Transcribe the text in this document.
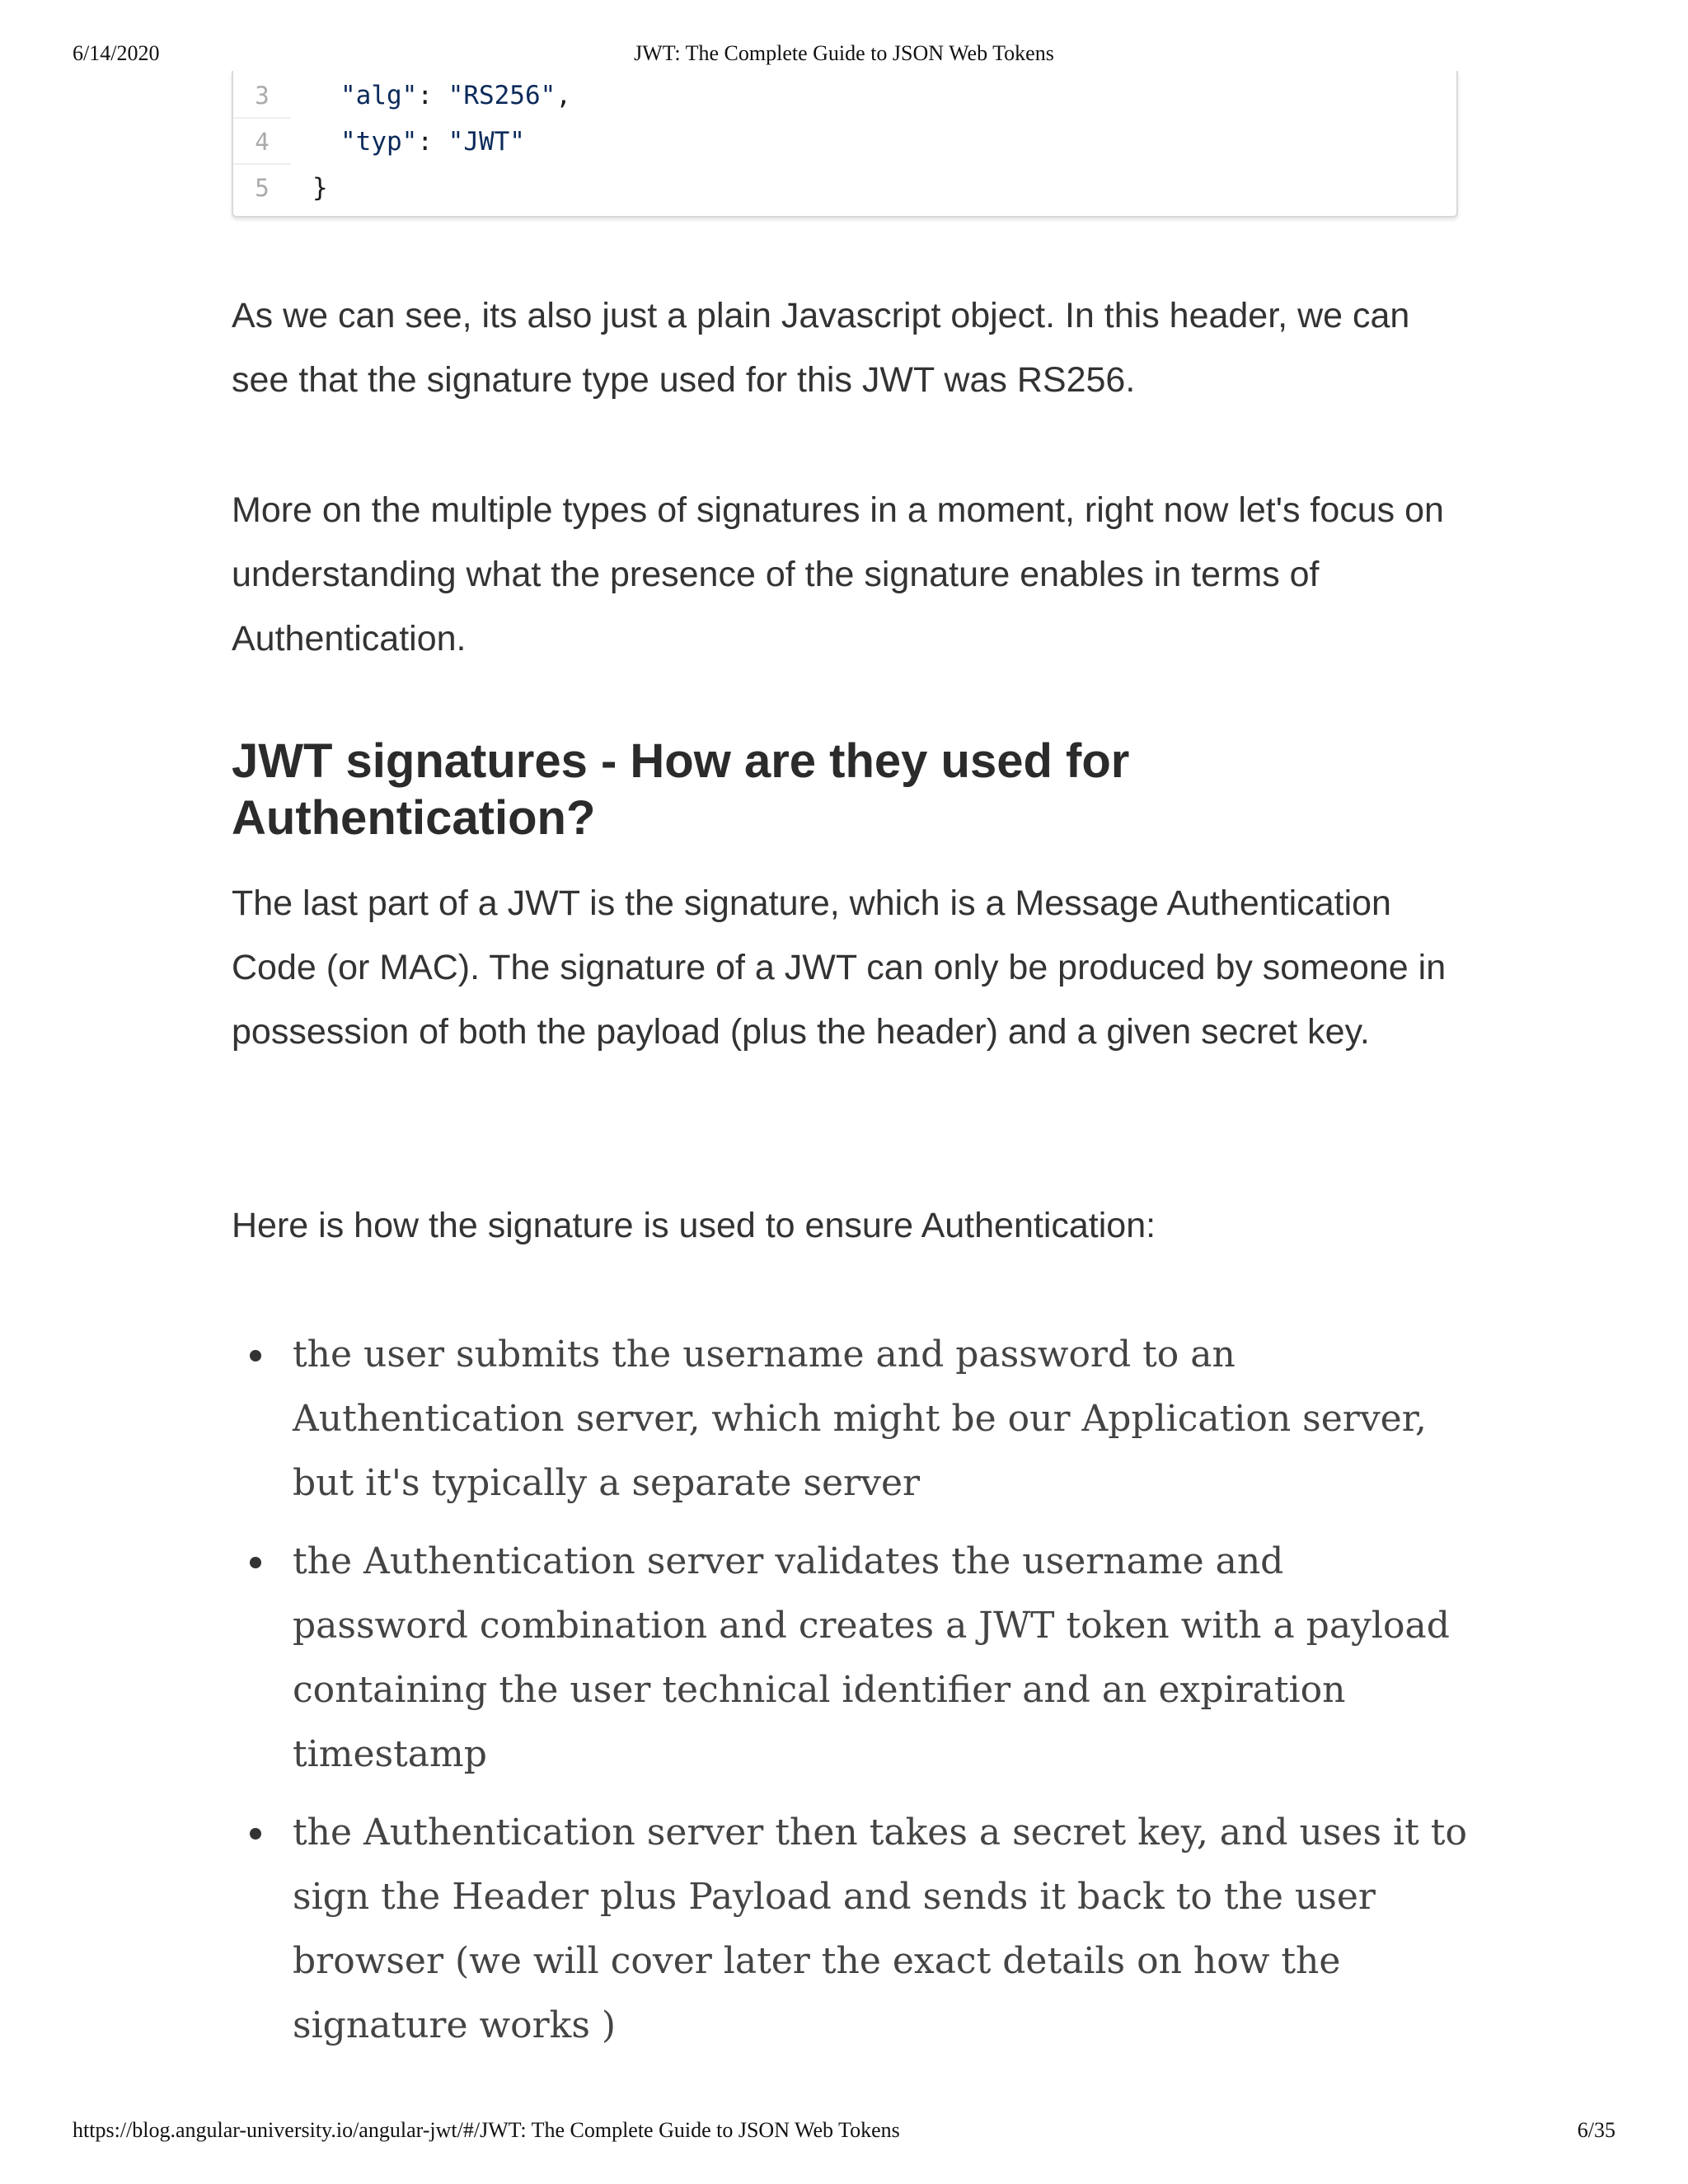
6/14/2020	JWT: The Complete Guide to JSON Web Tokens
3	"alg": "RS256",
4	"typ": "JWT"
5	}

As we can see, its also just a plain Javascript object. In this header, we can see that the signature type used for this JWT was RS256.

More on the multiple types of signatures in a moment, right now let's focus on understanding what the presence of the signature enables in terms of Authentication.

JWT signatures - How are they used for Authentication?

The last part of a JWT is the signature, which is a Message Authentication Code (or MAC). The signature of a JWT can only be produced by someone in possession of both the payload (plus the header) and a given secret key.

Here is how the signature is used to ensure Authentication:

the user submits the username and password to an Authentication server, which might be our Application server, but it's typically a separate server
the Authentication server validates the username and password combination and creates a JWT token with a payload containing the user technical identifier and an expiration timestamp
the Authentication server then takes a secret key, and uses it to sign the Header plus Payload and sends it back to the user browser (we will cover later the exact details on how the signature works )
https://blog.angular-university.io/angular-jwt/#/JWT: The Complete Guide to JSON Web Tokens	6/35
